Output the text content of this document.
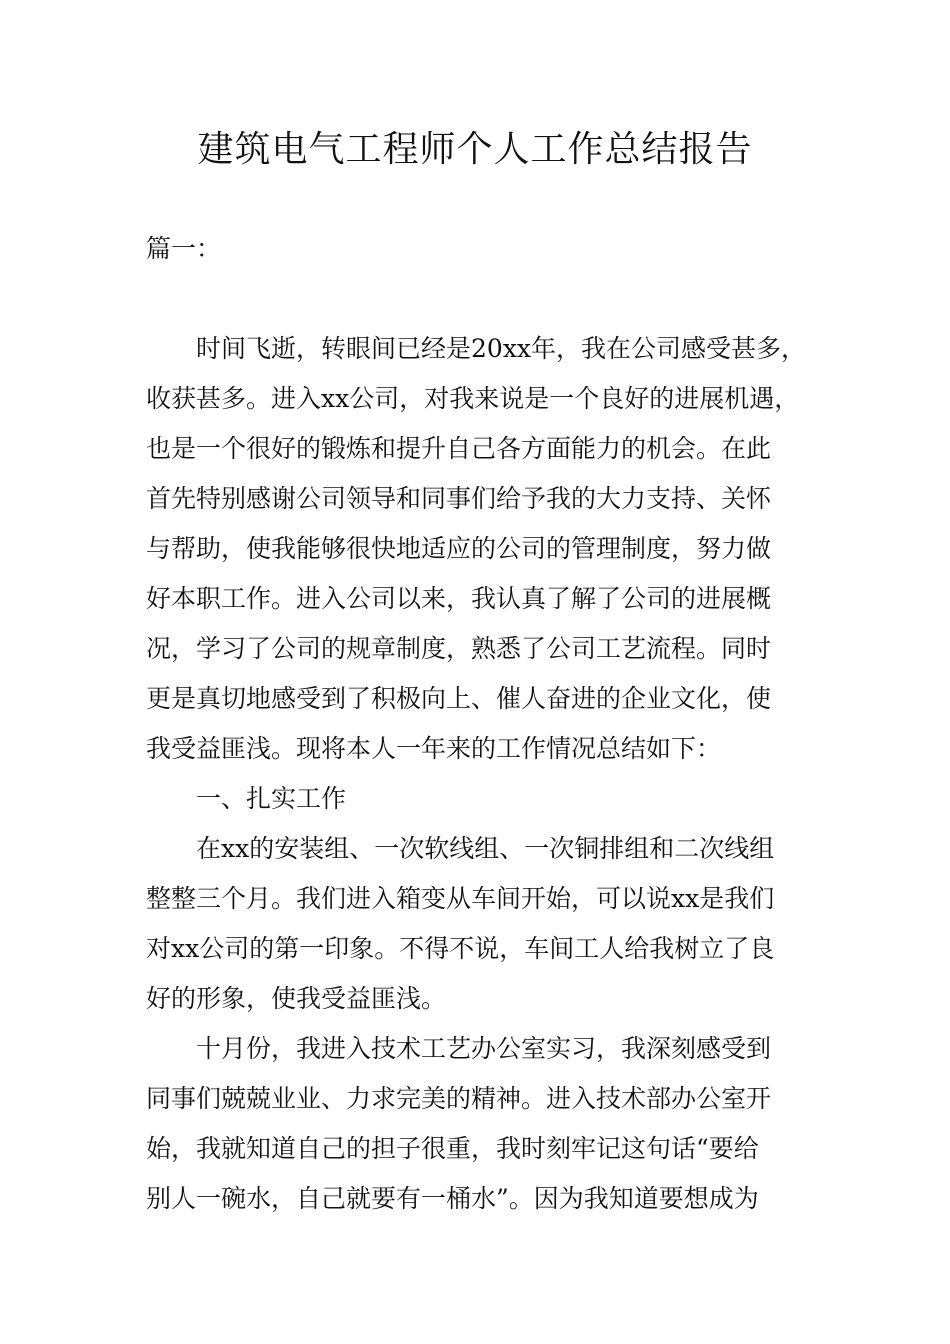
建筑电气工程师个人工作总结报告

篇一：

时间飞逝，转眼间已经是20xx年，我在公司感受甚多，

收获甚多。进入xx公司，对我来说是一个良好的进展机遇，

也是一个很好的锻炼和提升自己各方面能力的机会。在此

首先特别感谢公司领导和同事们给予我的大力支持、关怀

与帮助，使我能够很快地适应的公司的管理制度，努力做

好本职工作。进入公司以来，我认真了解了公司的进展概

况，学习了公司的规章制度，熟悉了公司工艺流程。同时

更是真切地感受到了积极向上、催人奋进的企业文化，使

我受益匪浅。现将本人一年来的工作情况总结如下：

一、扎实工作

在xx的安装组、一次软线组、一次铜排组和二次线组

整整三个月。我们进入箱变从车间开始，可以说xx是我们

对xx公司的第一印象。不得不说，车间工人给我树立了良

好的形象，使我受益匪浅。

十月份，我进入技术工艺办公室实习，我深刻感受到

同事们兢兢业业、力求完美的精神。进入技术部办公室开

始，我就知道自己的担子很重，我时刻牢记这句话“要给

别人一碗水，自己就要有一桶水”。因为我知道要想成为
